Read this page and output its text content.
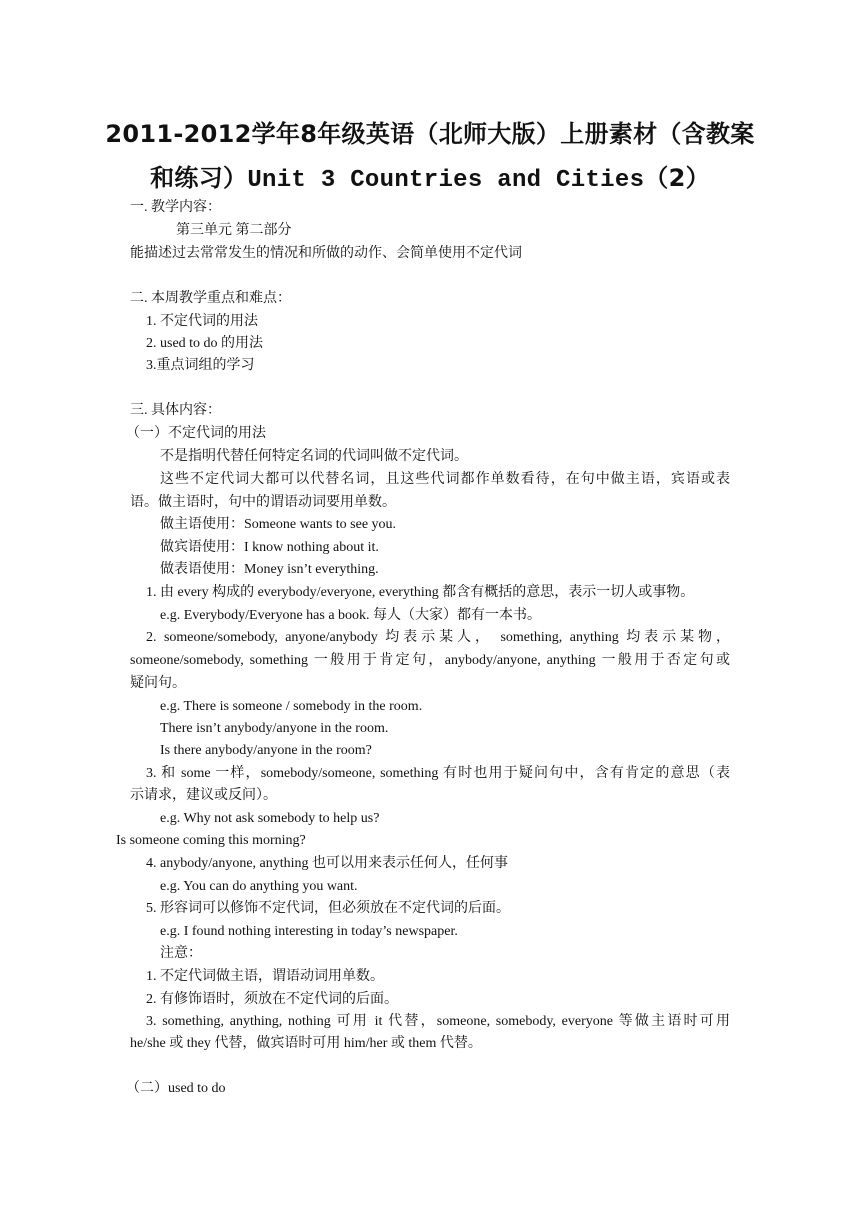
2011-2012学年8年级英语（北师大版）上册素材（含教案
和练习）Unit 3 Countries and Cities（2）
一. 教学内容：
第三单元 第二部分
能描述过去常常发生的情况和所做的动作、会简单使用不定代词
二. 本周教学重点和难点：
1. 不定代词的用法
2. used to do 的用法
3.重点词组的学习
三. 具体内容：
（一）不定代词的用法
不是指明代替任何特定名词的代词叫做不定代词。
这些不定代词大都可以代替名词，且这些代词都作单数看待，在句中做主语，宾语或表
语。做主语时，句中的谓语动词要用单数。
做主语使用：Someone wants to see you.
做宾语使用：I know nothing about it.
做表语使用：Money isn’t everything.
1. 由 every 构成的 everybody/everyone, everything 都含有概括的意思，表示一切人或事物。
e.g. Everybody/Everyone has a book. 每人（大家）都有一本书。
2. someone/somebody, anyone/anybody 均表示某人， something, anything 均表示某物，
someone/somebody, something 一般用于肯定句，anybody/anyone, anything 一般用于否定句或
疑问句。
e.g. There is someone / somebody in the room.
There isn’t anybody/anyone in the room.
Is there anybody/anyone in the room?
3. 和 some 一样，somebody/someone, something 有时也用于疑问句中，含有肯定的意思（表
示请求，建议或反问）。
e.g. Why not ask somebody to help us?
Is someone coming this morning?
4. anybody/anyone, anything 也可以用来表示任何人，任何事
e.g. You can do anything you want.
5. 形容词可以修饰不定代词，但必须放在不定代词的后面。
e.g. I found nothing interesting in today’s newspaper.
注意：
1. 不定代词做主语，谓语动词用单数。
2. 有修饰语时，须放在不定代词的后面。
3. something, anything, nothing 可用 it 代替，someone, somebody, everyone 等做主语时可用
he/she 或 they 代替，做宾语时可用 him/her 或 them 代替。
（二）used to do
